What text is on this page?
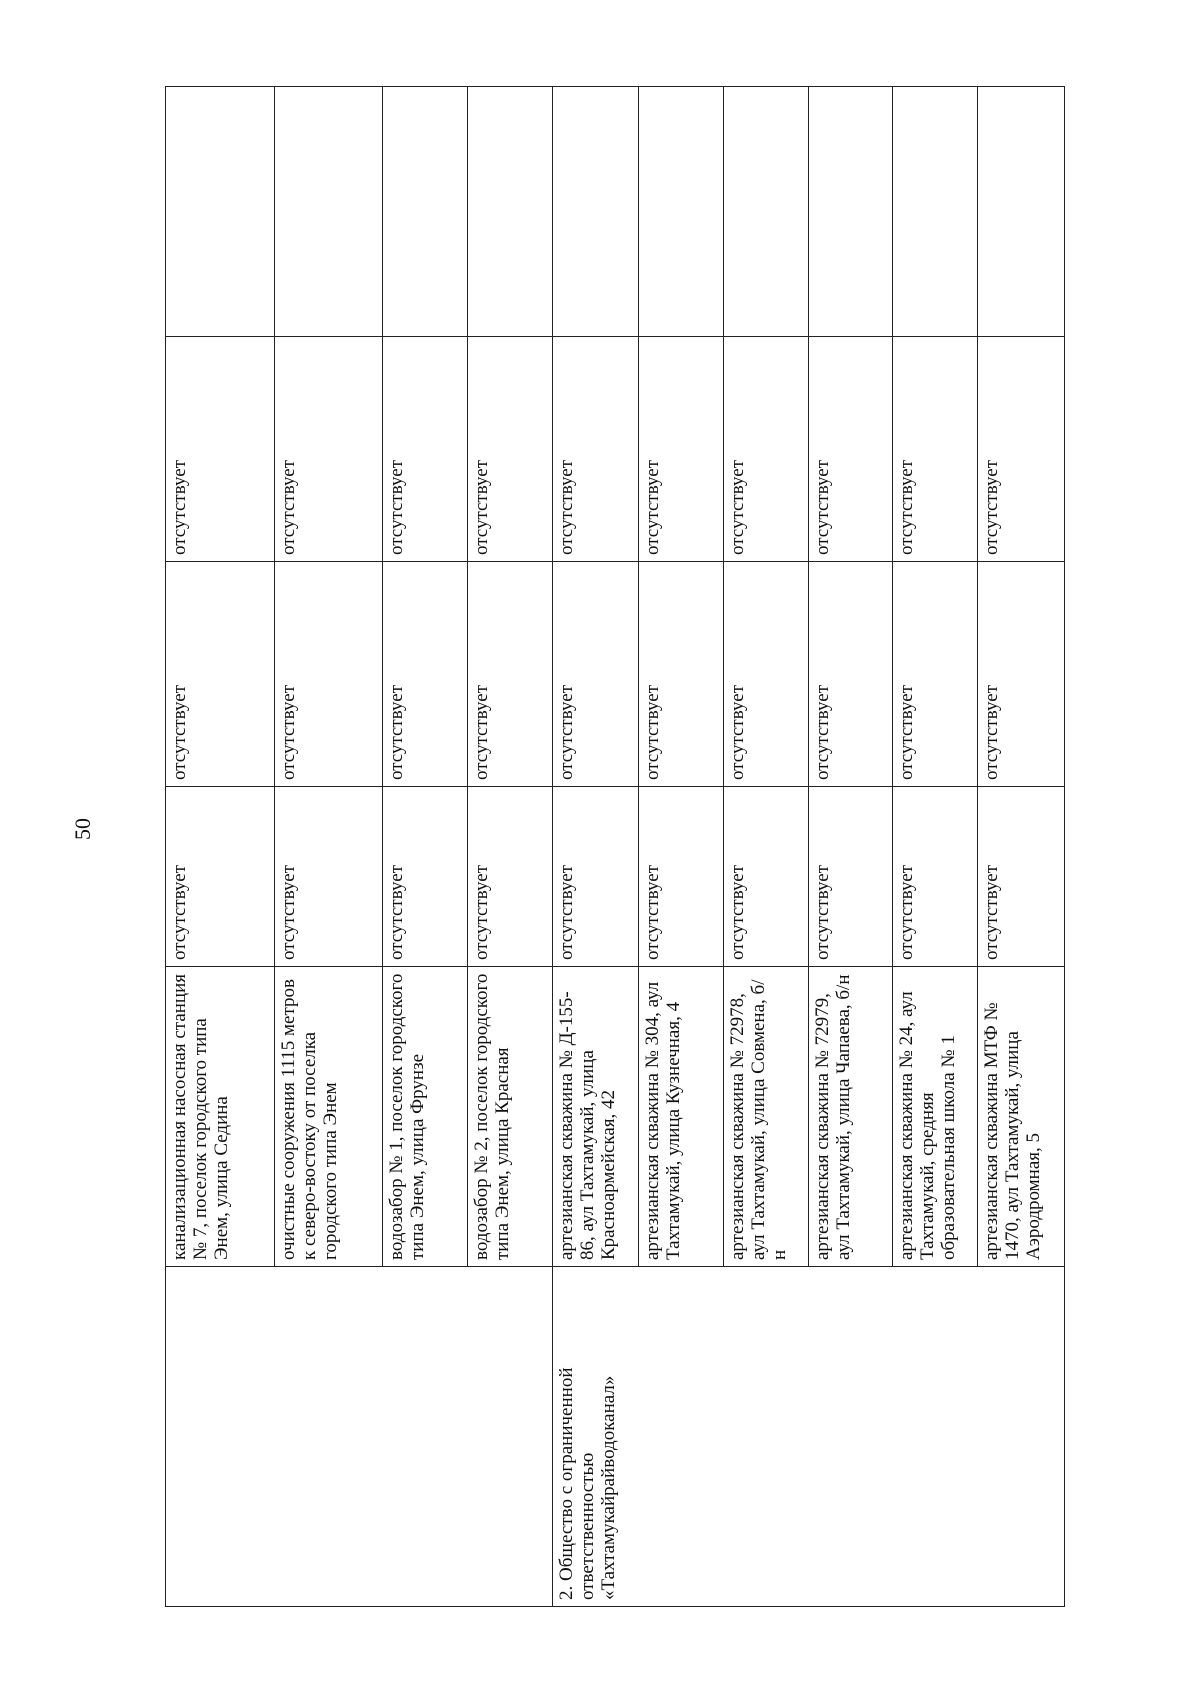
50
	канализационная насосная станция № 7, поселок городского типа Энем, улица Седина	отсутствует	отсутствует	отсутствует	
	очистные сооружения 1115 метров к северо-востоку от поселка городского типа Энем	отсутствует	отсутствует	отсутствует	
	водозабор № 1, поселок городского типа Энем, улица Фрунзе	отсутствует	отсутствует	отсутствует	
	водозабор № 2, поселок городского типа Энем, улица Красная	отсутствует	отсутствует	отсутствует	
2. Общество с ограниченной ответственностью «Тахтамукайрайводоканал»	артезианская скважина № Д-155-86, аул Тахтамукай, улица Красноармейская, 42	отсутствует	отсутствует	отсутствует	
	артезианская скважина № 304, аул Тахтамукай, улица Кузнечная, 4	отсутствует	отсутствует	отсутствует	
	артезианская скважина № 72978, аул Тахтамукай, улица Совмена, б/н	отсутствует	отсутствует	отсутствует	
	артезианская скважина № 72979, аул Тахтамукай, улица Чапаева, б/н	отсутствует	отсутствует	отсутствует	
	артезианская скважина № 24, аул Тахтамукай, средняя образовательная школа № 1	отсутствует	отсутствует	отсутствует	
	артезианская скважина МТФ № 1470, аул Тахтамукай, улица Аэродромная, 5	отсутствует	отсутствует	отсутствует	
